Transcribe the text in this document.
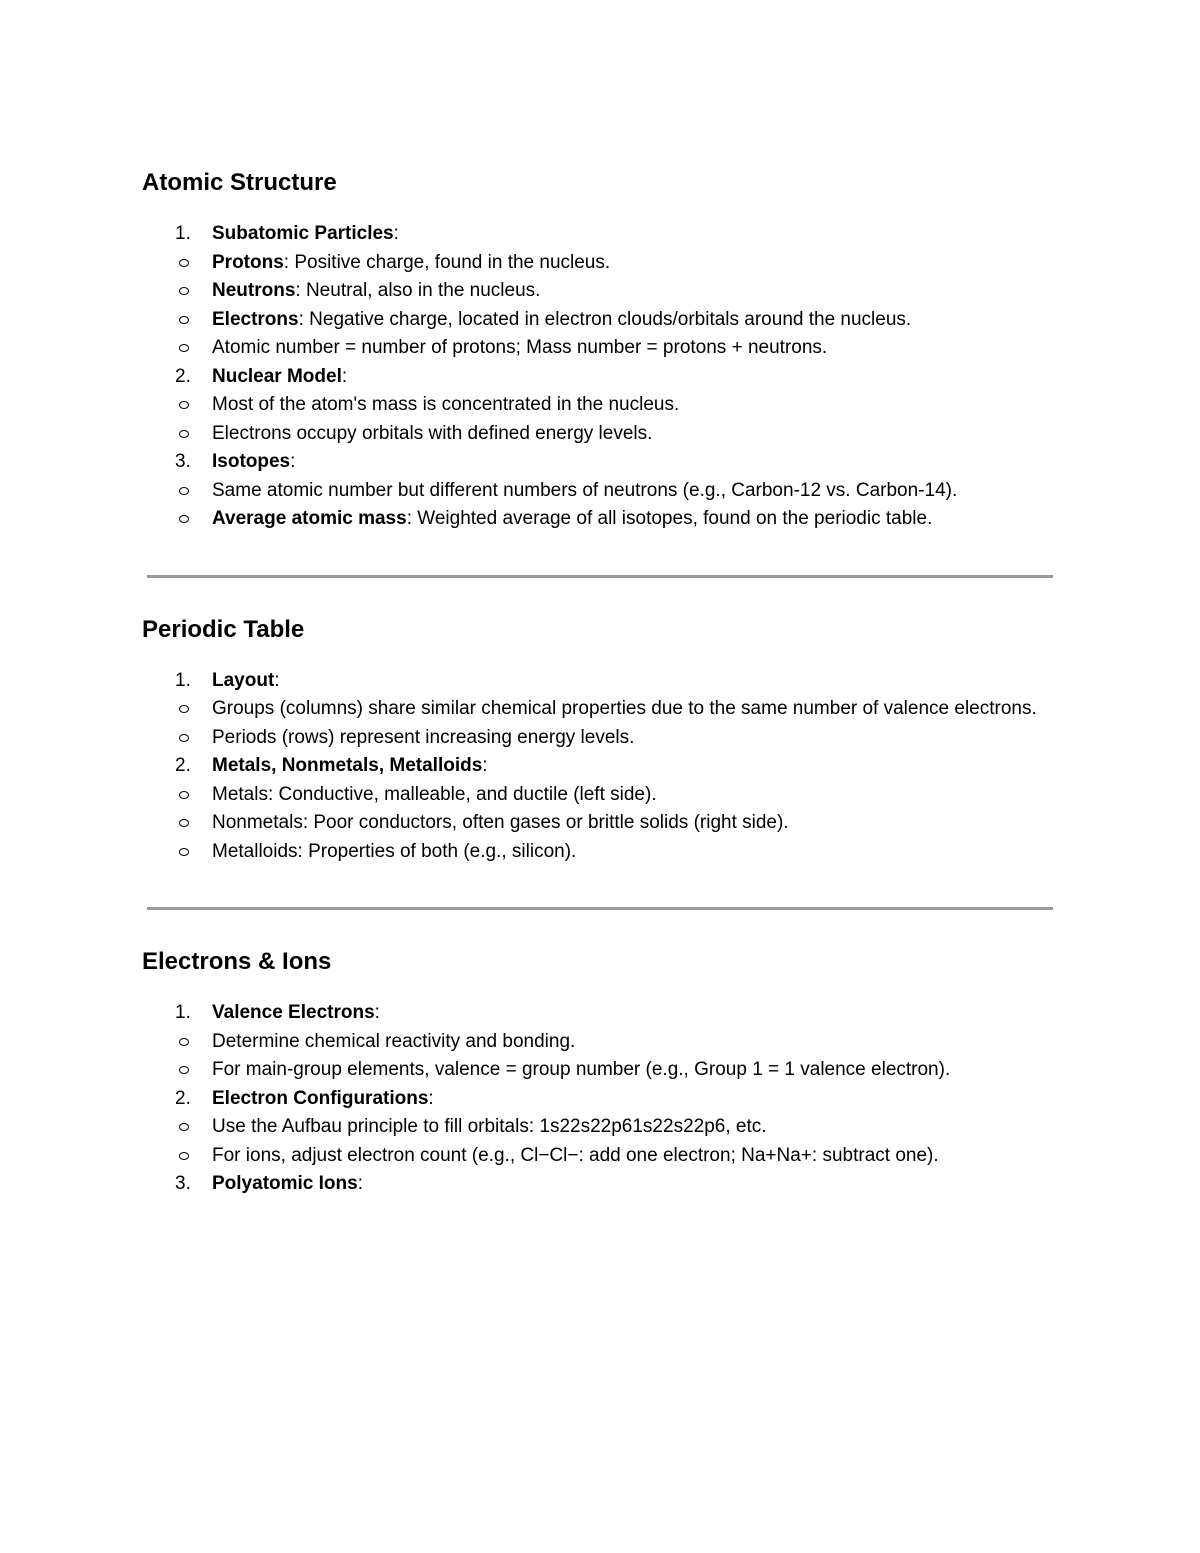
Atomic Structure
1. Subatomic Particles:
Protons: Positive charge, found in the nucleus.
Neutrons: Neutral, also in the nucleus.
Electrons: Negative charge, located in electron clouds/orbitals around the nucleus.
Atomic number = number of protons; Mass number = protons + neutrons.
2. Nuclear Model:
Most of the atom's mass is concentrated in the nucleus.
Electrons occupy orbitals with defined energy levels.
3. Isotopes:
Same atomic number but different numbers of neutrons (e.g., Carbon-12 vs. Carbon-14).
Average atomic mass: Weighted average of all isotopes, found on the periodic table.
Periodic Table
1. Layout:
Groups (columns) share similar chemical properties due to the same number of valence electrons.
Periods (rows) represent increasing energy levels.
2. Metals, Nonmetals, Metalloids:
Metals: Conductive, malleable, and ductile (left side).
Nonmetals: Poor conductors, often gases or brittle solids (right side).
Metalloids: Properties of both (e.g., silicon).
Electrons & Ions
1. Valence Electrons:
Determine chemical reactivity and bonding.
For main-group elements, valence = group number (e.g., Group 1 = 1 valence electron).
2. Electron Configurations:
Use the Aufbau principle to fill orbitals: 1s22s22p61s22s22p6, etc.
For ions, adjust electron count (e.g., Cl−Cl−: add one electron; Na+Na+: subtract one).
3. Polyatomic Ions:
